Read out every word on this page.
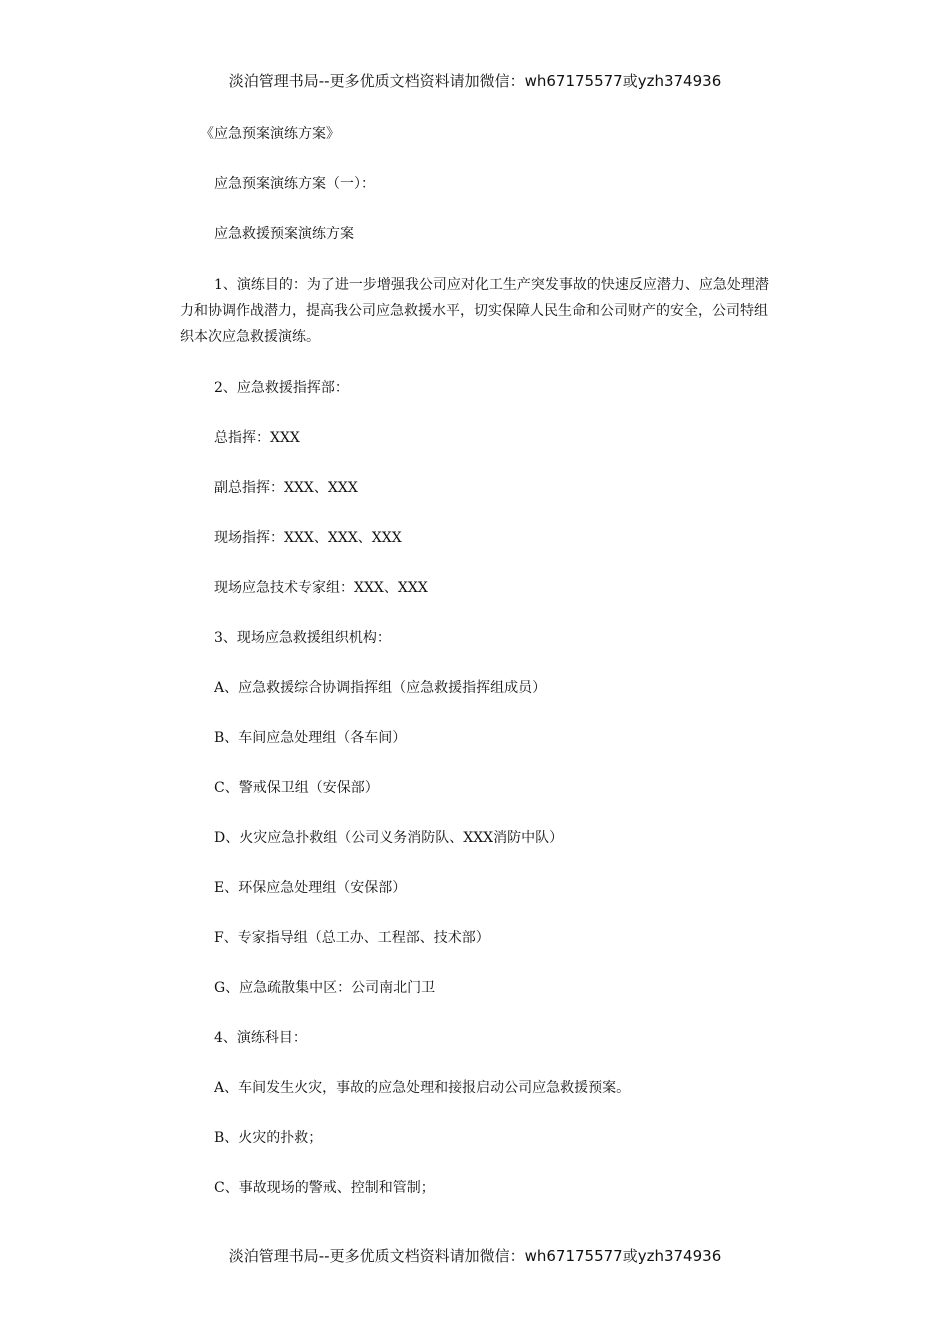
淡泊管理书局--更多优质文档资料请加微信：wh67175577或yzh374936

《应急预案演练方案》

应急预案演练方案（一）：

应急救援预案演练方案

1、演练目的：为了进一步增强我公司应对化工生产突发事故的快速反应潜力、应急处理潜力和协调作战潜力，提高我公司应急救援水平，切实保障人民生命和公司财产的安全，公司特组织本次应急救援演练。

2、应急救援指挥部：

总指挥：XXX

副总指挥：XXX、XXX

现场指挥：XXX、XXX、XXX

现场应急技术专家组：XXX、XXX

3、现场应急救援组织机构：

A、应急救援综合协调指挥组（应急救援指挥组成员）

B、车间应急处理组（各车间）

C、警戒保卫组（安保部）

D、火灾应急扑救组（公司义务消防队、XXX消防中队）

E、环保应急处理组（安保部）

F、专家指导组（总工办、工程部、技术部）

G、应急疏散集中区：公司南北门卫

4、演练科目：

A、车间发生火灾，事故的应急处理和接报启动公司应急救援预案。

B、火灾的扑救；

C、事故现场的警戒、控制和管制；

淡泊管理书局--更多优质文档资料请加微信：wh67175577或yzh374936
